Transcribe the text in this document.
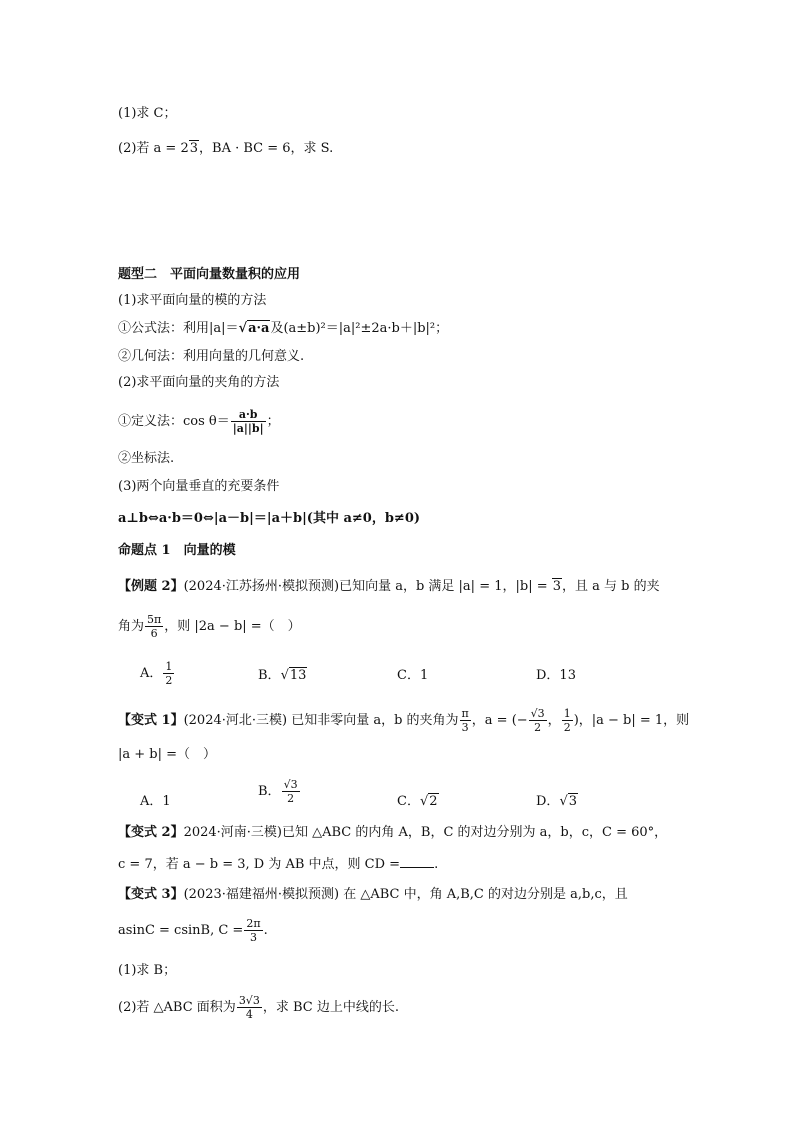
(1)求 C；
(2)若 a = 23，BA · BC = 6，求 S.
题型二　平面向量数量积的应用
(1)求平面向量的模的方法
①公式法：利用|a|＝√a·a及(a±b)²＝|a|²±2a·b＋|b|²；
②几何法：利用向量的几何意义.
(2)求平面向量的夹角的方法
①定义法：$\cos \theta= \frac{a\cdot b}{|a||b|}$ ；
②坐标法.
(3)两个向量垂直的充要条件
a⊥b⇔a·b＝0⇔|a－b|＝|a＋b|(其中 a≠0，b≠0)
命题点 1　向量的模
【例题 2】(2024·江苏扬州·模拟预测)已知向量 a，b 满足 |a| = 1，|b| = 3，且 a 与 b 的夹
角为 $\frac{5\pi}{6}$ ，则 |2a − b| =（　）
A． $\frac{1}{2}$	B．√13	C．1	D．13
【变式 1】(2024·河北·三模) 已知非零向量 a，b 的夹角为 $\frac{\pi}{3}$ ，a = (− $\frac{√3}{2}$ ， $\frac{1}{2}$ )，|a − b| = 1，则
|a + b| =（　）
A．1
B． $\frac{√3}{2}$	C．√2	D．√3
【变式 2】2024·河南·三模)已知 △ABC 的内角 A，B，C 的对边分别为 a，b，c，C = 60°，
c = 7，若 a − b = 3, D 为 AB 中点，则 CD =	.
【变式 3】(2023·福建福州·模拟预测) 在 △ABC 中，角 A,B,C 的对边分别是 a,b,c，且
asinC = csinB, $C = \frac{2\pi}{3}$ .
(1)求 B；
(2)若 △ABC 面积为 $\frac{3√3}{4}$ ，求 BC 边上中线的长.
